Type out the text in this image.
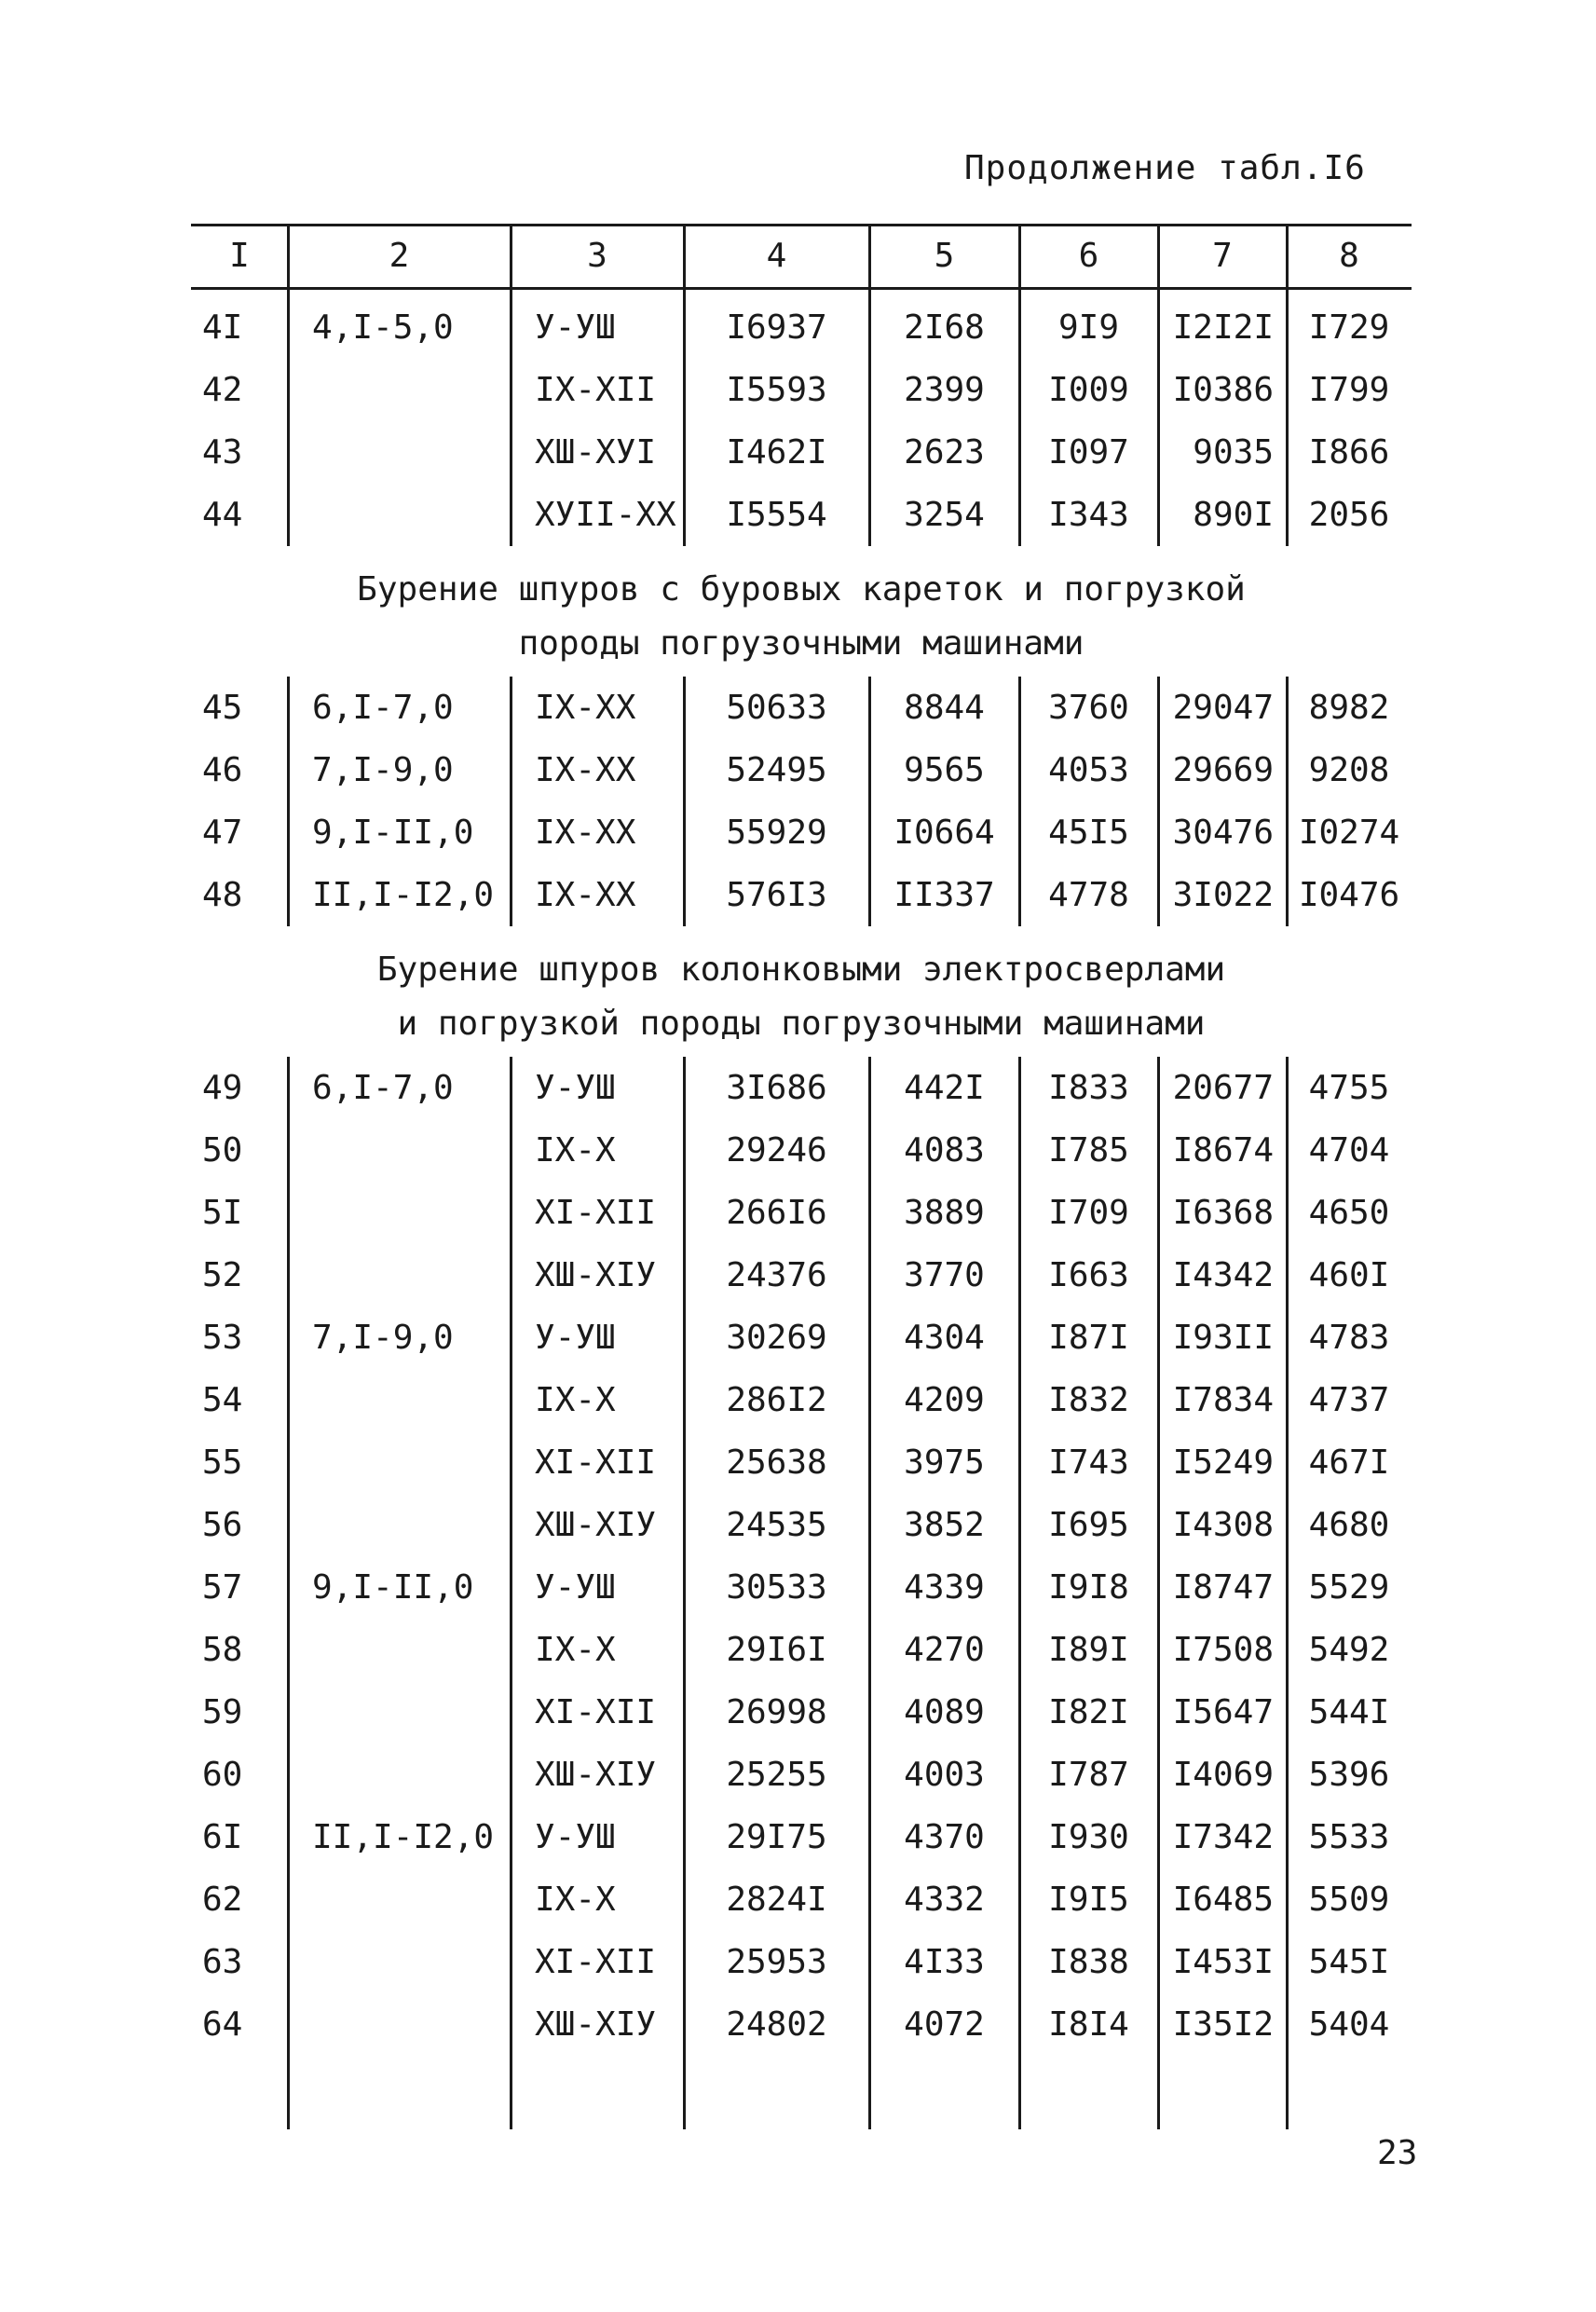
Продолжение табл.I6
I	2	3	4	5	6	7	8

4I	4,I-5,0	У-УШ	I6937	2I68	9I9	I2I2I	I729
42		IX-XII	I5593	2399	I009	I0386	I799
43		XШ-XУI	I462I	2623	I097	9035	I866
44		XУII-XX	I5554	3254	I343	890I	2056

Бурение шпуров с буровых кареток и погрузкой
породы погрузочными машинами							

45	6,I-7,0	IX-XX	50633	8844	3760	29047	8982
46	7,I-9,0	IX-XX	52495	9565	4053	29669	9208
47	9,I-II,0	IX-XX	55929	I0664	45I5	30476	I0274
48	II,I-I2,0	IX-XX	576I3	II337	4778	3I022	I0476

Бурение шпуров колонковыми электросверлами
и погрузкой породы погрузочными машинами							

49	6,I-7,0	У-УШ	3I686	442I	I833	20677	4755
50		IX-X	29246	4083	I785	I8674	4704
5I		XI-XII	266I6	3889	I709	I6368	4650
52		XШ-XIУ	24376	3770	I663	I4342	460I
53	7,I-9,0	У-УШ	30269	4304	I87I	I93II	4783
54		IX-X	286I2	4209	I832	I7834	4737
55		XI-XII	25638	3975	I743	I5249	467I
56		XШ-XIУ	24535	3852	I695	I4308	4680
57	9,I-II,0	У-УШ	30533	4339	I9I8	I8747	5529
58		IX-X	29I6I	4270	I89I	I7508	5492
59		XI-XII	26998	4089	I82I	I5647	544I
60		XШ-XIУ	25255	4003	I787	I4069	5396
6I	II,I-I2,0	У-УШ	29I75	4370	I930	I7342	5533
62		IX-X	2824I	4332	I9I5	I6485	5509
63		XI-XII	25953	4I33	I838	I453I	545I
64		XШ-XIУ	24802	4072	I8I4	I35I2	5404
23
